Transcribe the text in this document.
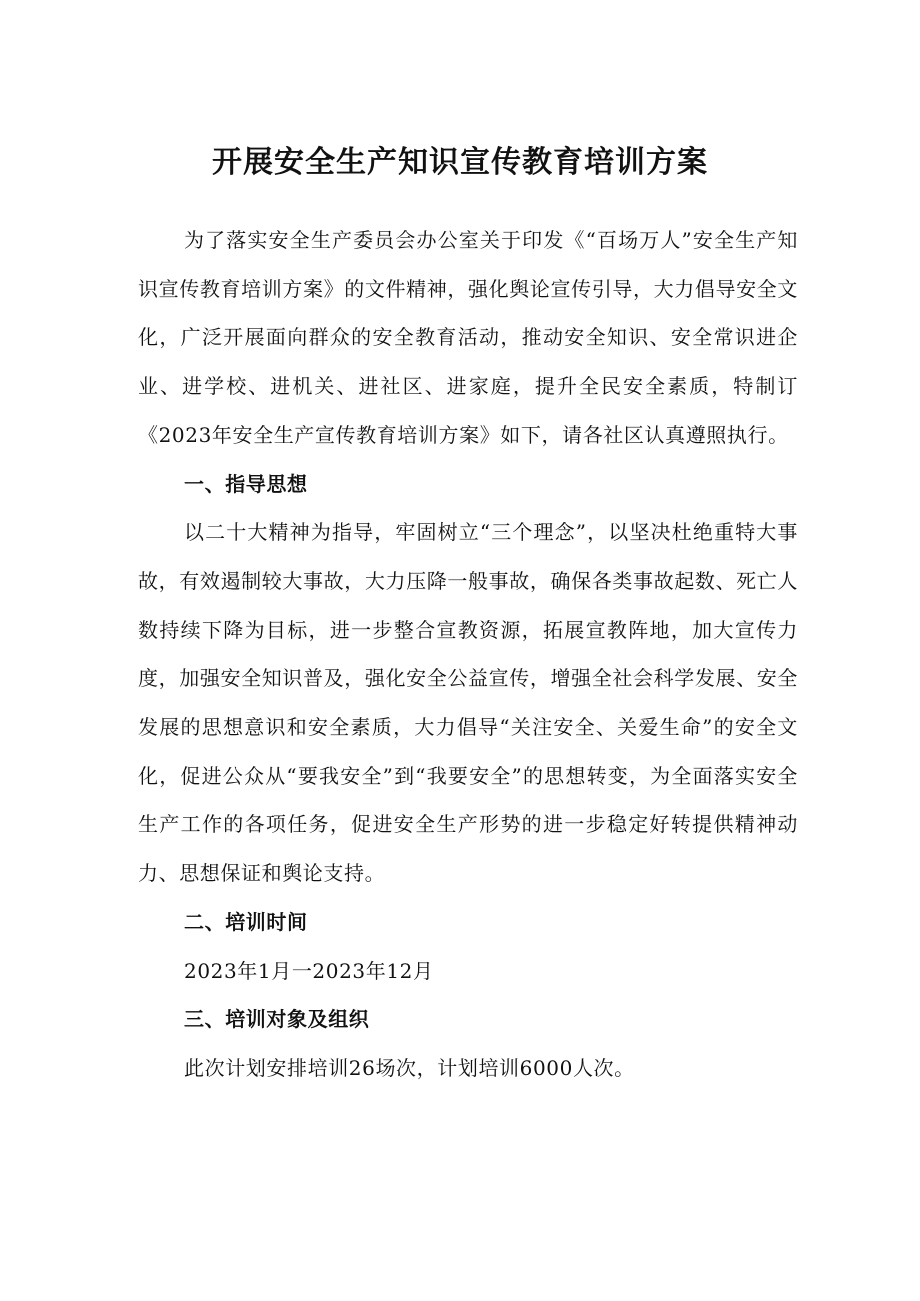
开展安全生产知识宣传教育培训方案

为了落实安全生产委员会办公室关于印发《“百场万人”安全生产知识宣传教育培训方案》的文件精神，强化舆论宣传引导，大力倡导安全文化，广泛开展面向群众的安全教育活动，推动安全知识、安全常识进企业、进学校、进机关、进社区、进家庭，提升全民安全素质，特制订《2023年安全生产宣传教育培训方案》如下，请各社区认真遵照执行。

一、指导思想

以二十大精神为指导，牢固树立“三个理念”，以坚决杜绝重特大事故，有效遏制较大事故，大力压降一般事故，确保各类事故起数、死亡人数持续下降为目标，进一步整合宣教资源，拓展宣教阵地，加大宣传力度，加强安全知识普及，强化安全公益宣传，增强全社会科学发展、安全发展的思想意识和安全素质，大力倡导“关注安全、关爱生命”的安全文化，促进公众从“要我安全”到“我要安全”的思想转变，为全面落实安全生产工作的各项任务，促进安全生产形势的进一步稳定好转提供精神动力、思想保证和舆论支持。

二、培训时间

2023年1月一2023年12月

三、培训对象及组织

此次计划安排培训26场次，计划培训6000人次。
